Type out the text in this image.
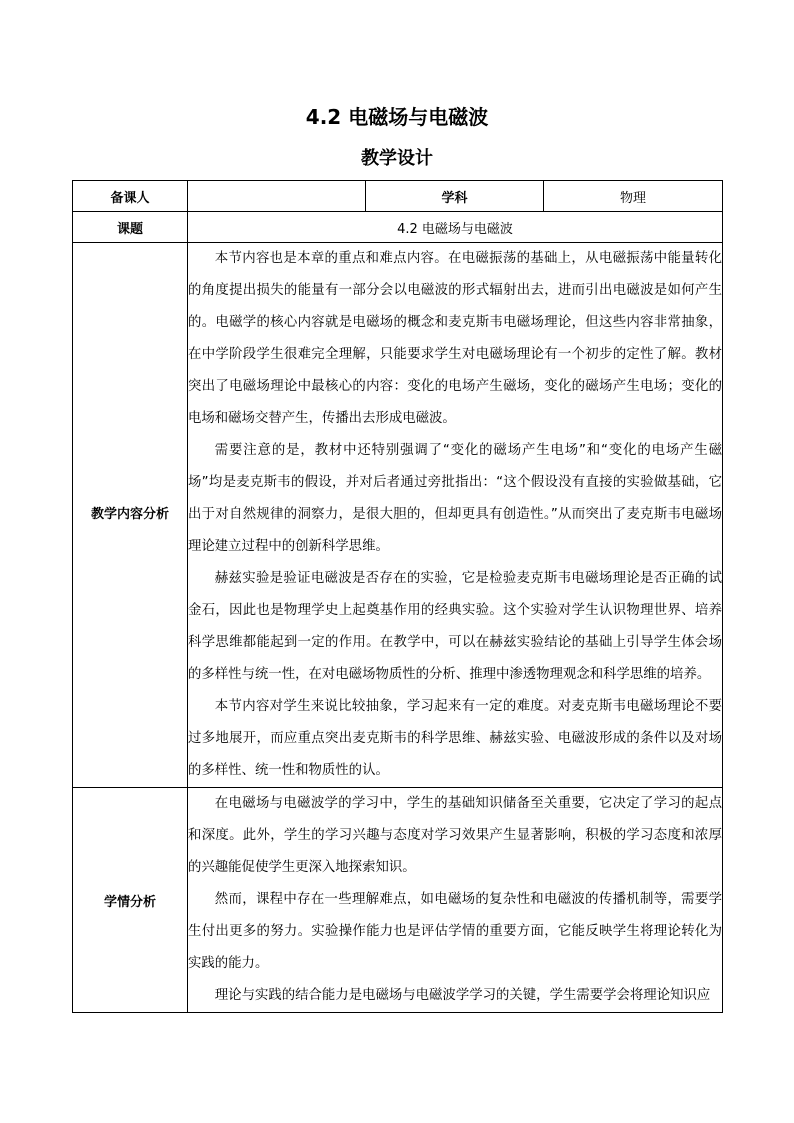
4.2 电磁场与电磁波
教学设计
备课人		学科	物理
课题	4.2 电磁场与电磁波		

教学内容分析	本节内容也是本章的重点和难点内容。在电磁振荡的基础上，从电磁振荡中能量转化的角度提出损失的能量有一部分会以电磁波的形式辐射出去，进而引出电磁波是如何产生的。电磁学的核心内容就是电磁场的概念和麦克斯韦电磁场理论，但这些内容非常抽象，在中学阶段学生很难完全理解，只能要求学生对电磁场理论有一个初步的定性了解。教材突出了电磁场理论中最核心的内容：变化的电场产生磁场，变化的磁场产生电场；变化的电场和磁场交替产生，传播出去形成电磁波。

需要注意的是，教材中还特别强调了“变化的磁场产生电场”和“变化的电场产生磁场”均是麦克斯韦的假设，并对后者通过旁批指出：“这个假设没有直接的实验做基础，它出于对自然规律的洞察力，是很大胆的，但却更具有创造性。”从而突出了麦克斯韦电磁场理论建立过程中的创新科学思维。

赫兹实验是验证电磁波是否存在的实验，它是检验麦克斯韦电磁场理论是否正确的试金石，因此也是物理学史上起奠基作用的经典实验。这个实验对学生认识物理世界、培养科学思维都能起到一定的作用。在教学中，可以在赫兹实验结论的基础上引导学生体会场的多样性与统一性，在对电磁场物质性的分析、推理中渗透物理观念和科学思维的培养。

本节内容对学生来说比较抽象，学习起来有一定的难度。对麦克斯韦电磁场理论不要过多地展开，而应重点突出麦克斯韦的科学思维、赫兹实验、电磁波形成的条件以及对场的多样性、统一性和物质性的认。		

学情分析	在电磁场与电磁波学的学习中，学生的基础知识储备至关重要，它决定了学习的起点和深度。此外，学生的学习兴趣与态度对学习效果产生显著影响，积极的学习态度和浓厚的兴趣能促使学生更深入地探索知识。

然而，课程中存在一些理解难点，如电磁场的复杂性和电磁波的传播机制等，需要学生付出更多的努力。实验操作能力也是评估学情的重要方面，它能反映学生将理论转化为实践的能力。

理论与实践的结合能力是电磁场与电磁波学学习的关键，学生需要学会将理论知识应		
